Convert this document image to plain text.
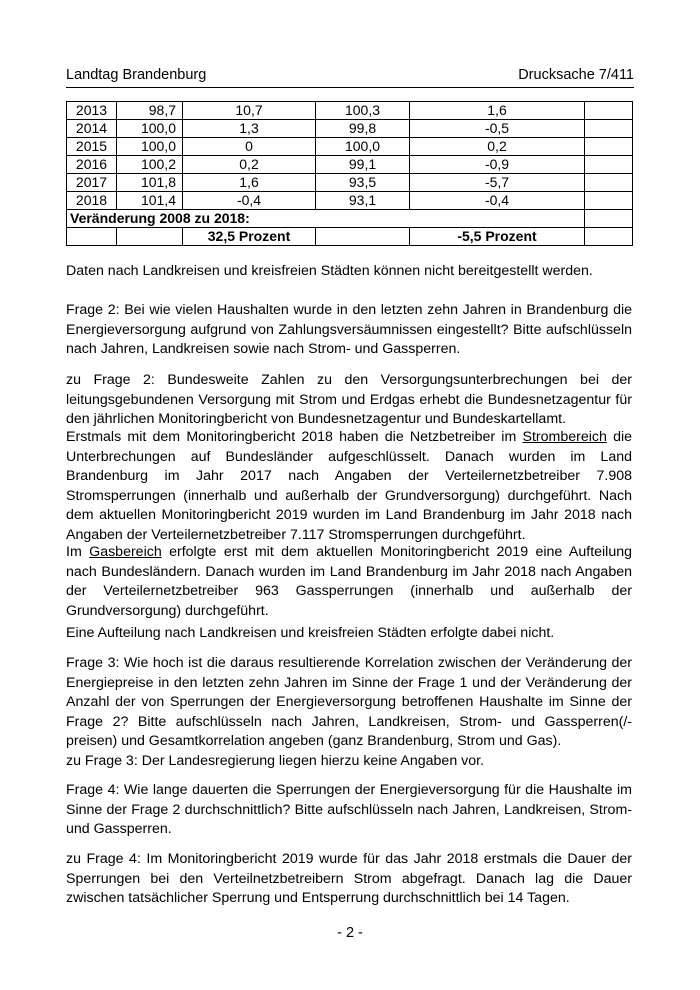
Landtag Brandenburg	Drucksache 7/411
2013	98,7	10,7	100,3	1,6	
2014	100,0	1,3	99,8	-0,5	
2015	100,0	0	100,0	0,2	
2016	100,2	0,2	99,1	-0,9	
2017	101,8	1,6	93,5	-5,7	
2018	101,4	-0,4	93,1	-0,4	
Veränderung 2008 zu 2018:					
		32,5 Prozent		-5,5 Prozent	

Daten nach Landkreisen und kreisfreien Städten können nicht bereitgestellt werden.

Frage 2: Bei wie vielen Haushalten wurde in den letzten zehn Jahren in Brandenburg die Energieversorgung aufgrund von Zahlungsversäumnissen eingestellt? Bitte aufschlüsseln nach Jahren, Landkreisen sowie nach Strom- und Gassperren.

zu Frage 2: Bundesweite Zahlen zu den Versorgungsunterbrechungen bei der leitungsgebundenen Versorgung mit Strom und Erdgas erhebt die Bundesnetzagentur für den jährlichen Monitoringbericht von Bundesnetzagentur und Bundeskartellamt.

Erstmals mit dem Monitoringbericht 2018 haben die Netzbetreiber im Strombereich die Unterbrechungen auf Bundesländer aufgeschlüsselt. Danach wurden im Land Brandenburg im Jahr 2017 nach Angaben der Verteilernetzbetreiber 7.908 Stromsperrungen (innerhalb und außerhalb der Grundversorgung) durchgeführt. Nach dem aktuellen Monitoringbericht 2019 wurden im Land Brandenburg im Jahr 2018 nach Angaben der Verteilernetzbetreiber 7.117 Stromsperrungen durchgeführt.

Im Gasbereich erfolgte erst mit dem aktuellen Monitoringbericht 2019 eine Aufteilung nach Bundesländern. Danach wurden im Land Brandenburg im Jahr 2018 nach Angaben der Verteilernetzbetreiber 963 Gassperrungen (innerhalb und außerhalb der Grundversorgung) durchgeführt.

Eine Aufteilung nach Landkreisen und kreisfreien Städten erfolgte dabei nicht.

Frage 3: Wie hoch ist die daraus resultierende Korrelation zwischen der Veränderung der Energiepreise in den letzten zehn Jahren im Sinne der Frage 1 und der Veränderung der Anzahl der von Sperrungen der Energieversorgung betroffenen Haushalte im Sinne der Frage 2? Bitte aufschlüsseln nach Jahren, Landkreisen, Strom- und Gassperren(/-preisen) und Gesamtkorrelation angeben (ganz Brandenburg, Strom und Gas).

zu Frage 3: Der Landesregierung liegen hierzu keine Angaben vor.

Frage 4: Wie lange dauerten die Sperrungen der Energieversorgung für die Haushalte im Sinne der Frage 2 durchschnittlich? Bitte aufschlüsseln nach Jahren, Landkreisen, Strom- und Gassperren.

zu Frage 4: Im Monitoringbericht 2019 wurde für das Jahr 2018 erstmals die Dauer der Sperrungen bei den Verteilnetzbetreibern Strom abgefragt. Danach lag die Dauer zwischen tatsächlicher Sperrung und Entsperrung durchschnittlich bei 14 Tagen.

- 2 -
